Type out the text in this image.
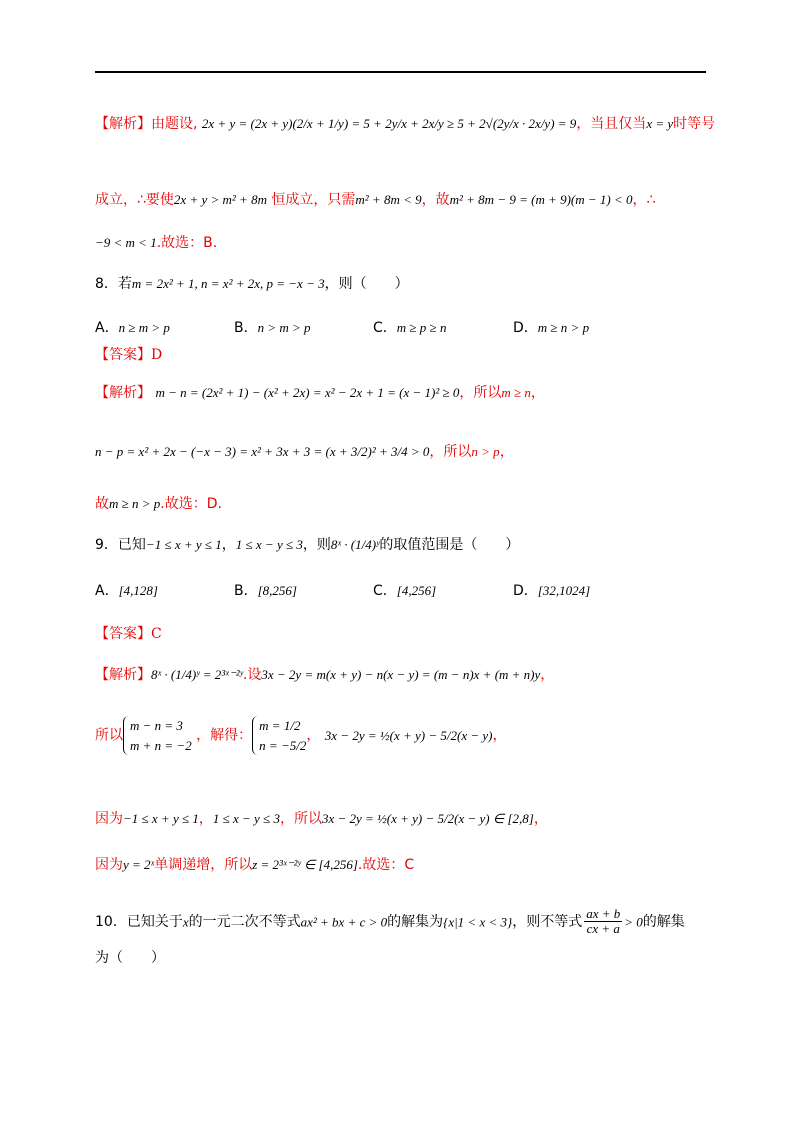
【解析】由题设, 2x + y = (2x + y)(2/x + 1/y) = 5 + 2y/x + 2x/y ≥ 5 + 2√(2y/x · 2x/y) = 9，当且仅当x = y时等号
成立，∴要使2x + y > m² + 8m 恒成立，只需m² + 8m < 9，故m² + 8m − 9 = (m + 9)(m − 1) < 0，∴
−9 < m < 1.故选：B.
8．若m = 2x² + 1, n = x² + 2x, p = −x − 3，则（　　）
A．n ≥ m > p	B．n > m > p	C．m ≥ p ≥ n	D．m ≥ n > p
【答案】D
【解析】 m − n = (2x² + 1) − (x² + 2x) = x² − 2x + 1 = (x − 1)² ≥ 0，所以m ≥ n，
n − p = x² + 2x − (−x − 3) = x² + 3x + 3 = (x + 3/2)² + 3/4 > 0，所以n > p，
故m ≥ n > p.故选：D.
9．已知−1 ≤ x + y ≤ 1，1 ≤ x − y ≤ 3，则8ˣ · (1/4)ʸ的取值范围是（　　）
A．[4,128]	B．[8,256]	C．[4,256]	D．[32,1024]
【答案】C
【解析】8ˣ · (1/4)ʸ = 2³ˣ⁻²ʸ.设3x − 2y = m(x + y) − n(x − y) = (m − n)x + (m + n)y，
所以
m − n = 3
m + n = −2
，解得：
m = 1/2
n = −5/2
， 3x − 2y = ½(x + y) − 5/2(x − y)，
因为−1 ≤ x + y ≤ 1，1 ≤ x − y ≤ 3，所以3x − 2y = ½(x + y) − 5/2(x − y) ∈ [2,8]，
因为y = 2ˣ单调递增，所以z = 2³ˣ⁻²ʸ ∈ [4,256].故选：C
10．已知关于x的一元二次不等式ax² + bx + c > 0的解集为{x|1 < x < 3}，则不等式 $\frac{ax + b}{cx + a} > 0$的解集
为（　　）
